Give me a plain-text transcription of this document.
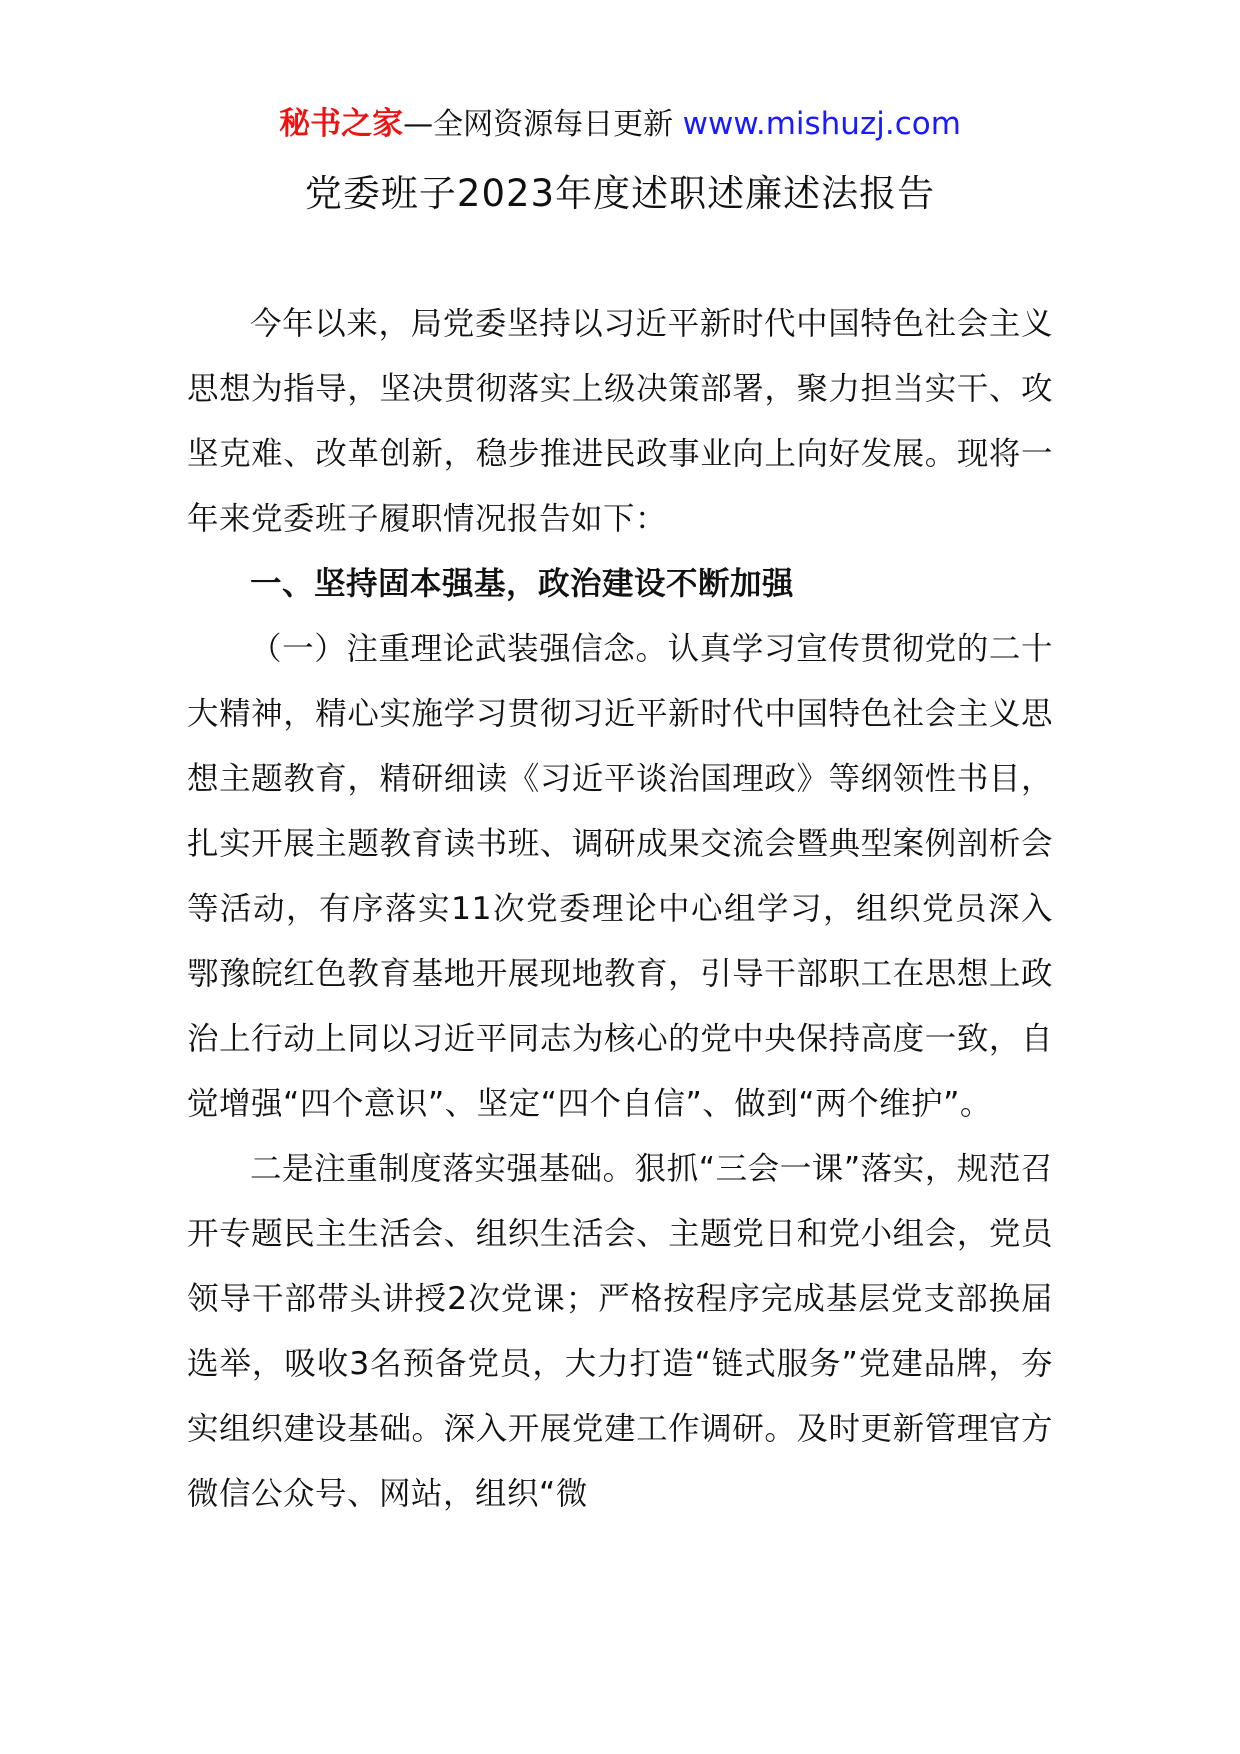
秘书之家—全网资源每日更新 www.mishuzj.com
党委班子2023年度述职述廉述法报告

今年以来，局党委坚持以习近平新时代中国特色社会主义思想为指导，坚决贯彻落实上级决策部署，聚力担当实干、攻坚克难、改革创新，稳步推进民政事业向上向好发展。现将一年来党委班子履职情况报告如下：

一、坚持固本强基，政治建设不断加强

（一）注重理论武装强信念。认真学习宣传贯彻党的二十大精神，精心实施学习贯彻习近平新时代中国特色社会主义思想主题教育，精研细读《习近平谈治国理政》等纲领性书目，扎实开展主题教育读书班、调研成果交流会暨典型案例剖析会等活动，有序落实11次党委理论中心组学习，组织党员深入鄂豫皖红色教育基地开展现地教育，引导干部职工在思想上政治上行动上同以习近平同志为核心的党中央保持高度一致，自觉增强“四个意识”、坚定“四个自信”、做到“两个维护”。

二是注重制度落实强基础。狠抓“三会一课”落实，规范召开专题民主生活会、组织生活会、主题党日和党小组会，党员领导干部带头讲授2次党课；严格按程序完成基层党支部换届选举，吸收3名预备党员，大力打造“链式服务”党建品牌，夯实组织建设基础。深入开展党建工作调研。及时更新管理官方微信公众号、网站，组织“微
